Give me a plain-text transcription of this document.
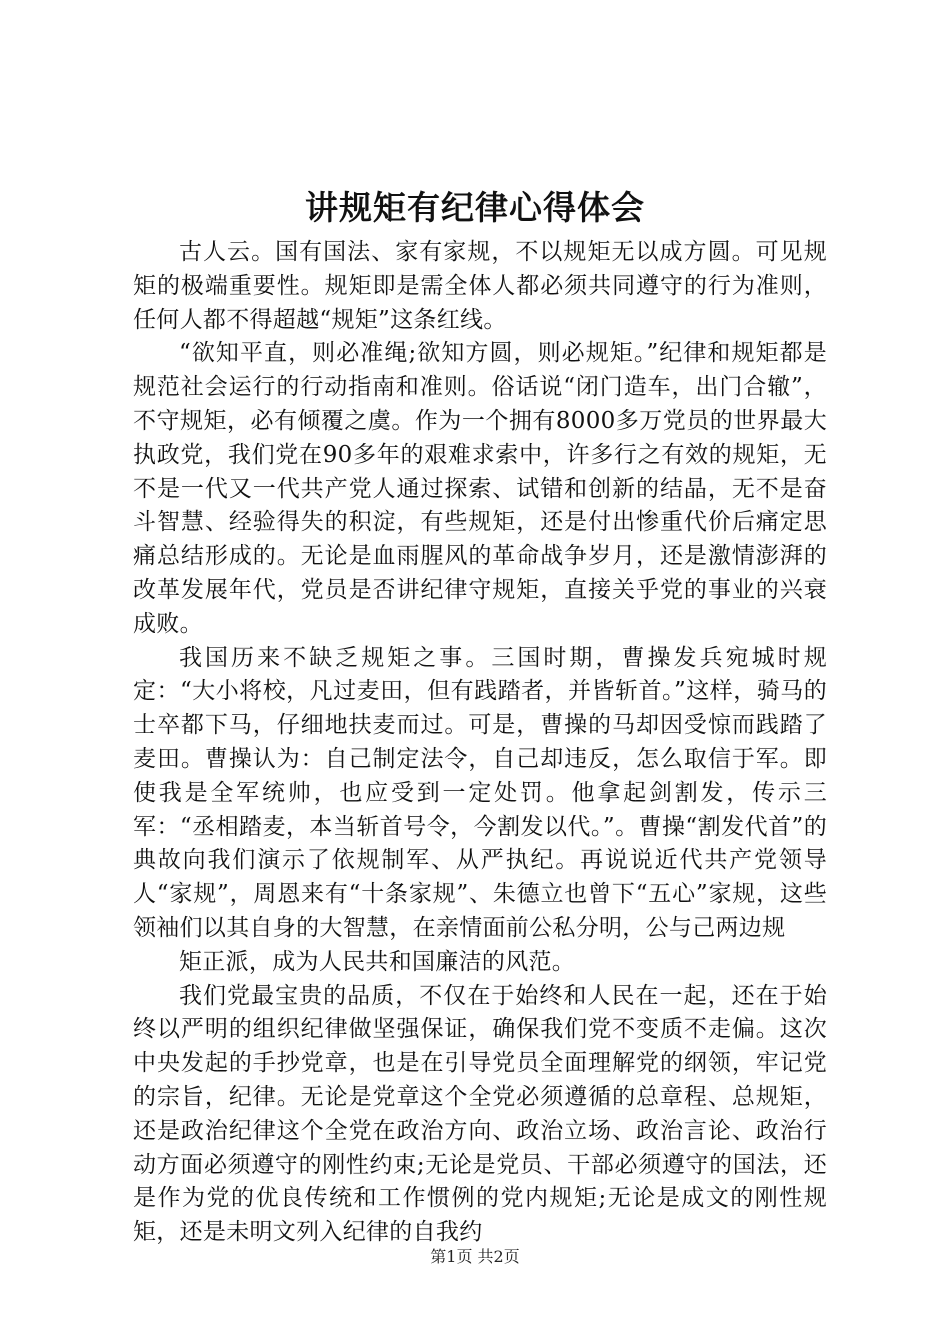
讲规矩有纪律心得体会

古人云。国有国法、家有家规，不以规矩无以成方圆。可见规矩的极端重要性。规矩即是需全体人都必须共同遵守的行为准则，任何人都不得超越“规矩”这条红线。

“欲知平直，则必准绳;欲知方圆，则必规矩。”纪律和规矩都是规范社会运行的行动指南和准则。俗话说“闭门造车，出门合辙”，不守规矩，必有倾覆之虞。作为一个拥有8000多万党员的世界最大执政党，我们党在90多年的艰难求索中，许多行之有效的规矩，无不是一代又一代共产党人通过探索、试错和创新的结晶，无不是奋斗智慧、经验得失的积淀，有些规矩，还是付出惨重代价后痛定思痛总结形成的。无论是血雨腥风的革命战争岁月，还是激情澎湃的改革发展年代，党员是否讲纪律守规矩，直接关乎党的事业的兴衰成败。

我国历来不缺乏规矩之事。三国时期，曹操发兵宛城时规定：“大小将校，凡过麦田，但有践踏者，并皆斩首。”这样，骑马的士卒都下马，仔细地扶麦而过。可是，曹操的马却因受惊而践踏了麦田。曹操认为：自己制定法令，自己却违反，怎么取信于军。即使我是全军统帅，也应受到一定处罚。他拿起剑割发，传示三军：“丞相踏麦，本当斩首号令，今割发以代。”。曹操“割发代首”的典故向我们演示了依规制军、从严执纪。再说说近代共产党领导人“家规”，周恩来有“十条家规”、朱德立也曾下“五心”家规，这些领袖们以其自身的大智慧，在亲情面前公私分明，公与己两边规

矩正派，成为人民共和国廉洁的风范。

我们党最宝贵的品质，不仅在于始终和人民在一起，还在于始终以严明的组织纪律做坚强保证，确保我们党不变质不走偏。这次中央发起的手抄党章，也是在引导党员全面理解党的纲领，牢记党的宗旨，纪律。无论是党章这个全党必须遵循的总章程、总规矩，还是政治纪律这个全党在政治方向、政治立场、政治言论、政治行动方面必须遵守的刚性约束;无论是党员、干部必须遵守的国法，还是作为党的优良传统和工作惯例的党内规矩;无论是成文的刚性规矩，还是未明文列入纪律的自我约

第1页 共2页
